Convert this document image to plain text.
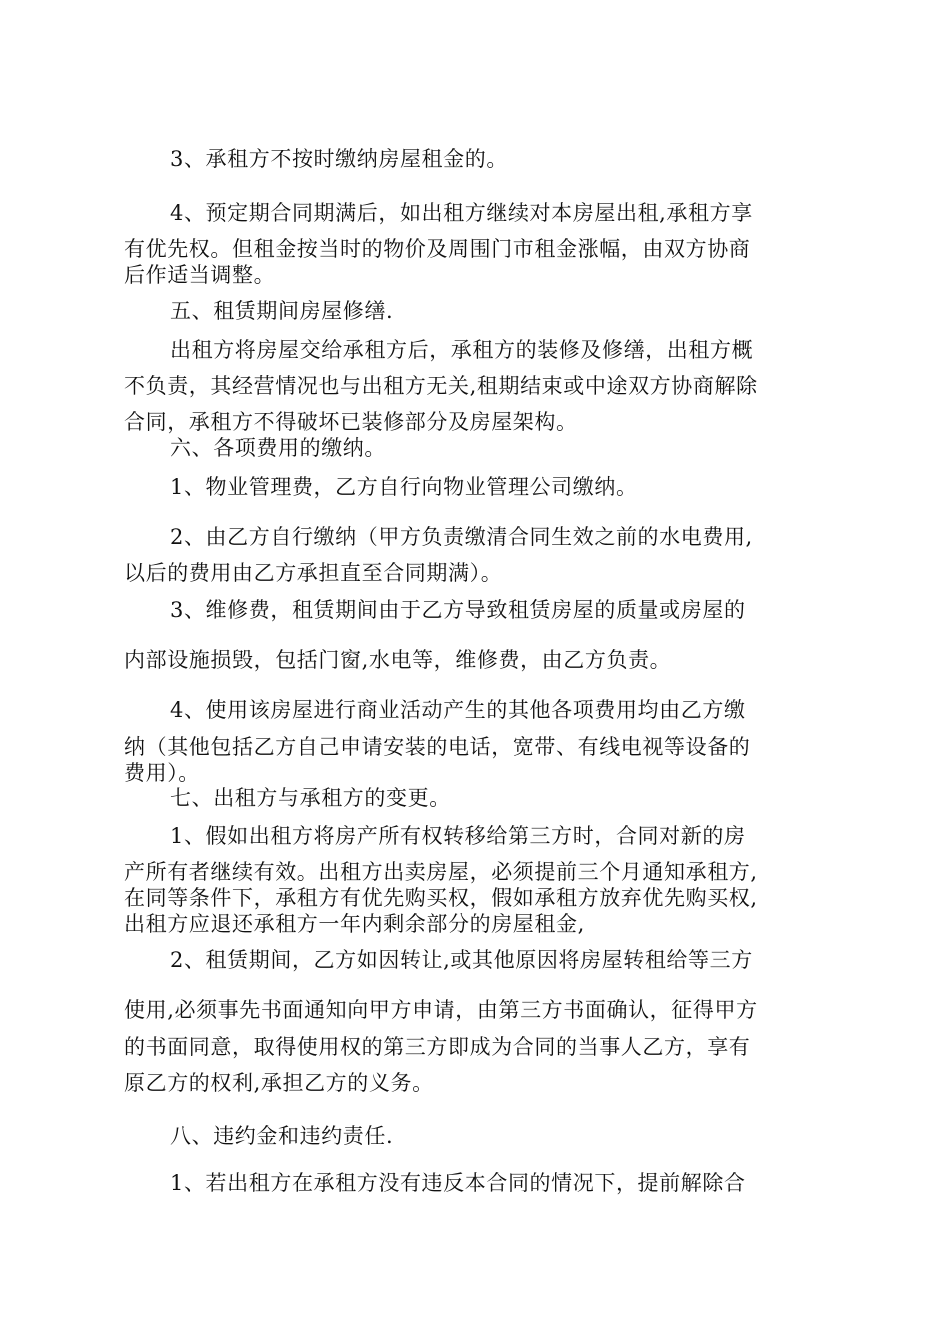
3、承租方不按时缴纳房屋租金的。
4、预定期合同期满后，如出租方继续对本房屋出租,承租方享
有优先权。但租金按当时的物价及周围门市租金涨幅，由双方协商
后作适当调整。
五、租赁期间房屋修缮.
出租方将房屋交给承租方后，承租方的装修及修缮，出租方概
不负责，其经营情况也与出租方无关,租期结束或中途双方协商解除
合同，承租方不得破坏已装修部分及房屋架构。
六、各项费用的缴纳。
1、物业管理费，乙方自行向物业管理公司缴纳。
2、由乙方自行缴纳（甲方负责缴清合同生效之前的水电费用,
以后的费用由乙方承担直至合同期满）。
3、维修费，租赁期间由于乙方导致租赁房屋的质量或房屋的
内部设施损毁，包括门窗,水电等，维修费，由乙方负责。
4、使用该房屋进行商业活动产生的其他各项费用均由乙方缴
纳（其他包括乙方自己申请安装的电话，宽带、有线电视等设备的
费用）。
七、出租方与承租方的变更。
1、假如出租方将房产所有权转移给第三方时，合同对新的房
产所有者继续有效。出租方出卖房屋，必须提前三个月通知承租方,
在同等条件下，承租方有优先购买权，假如承租方放弃优先购买权,
出租方应退还承租方一年内剩余部分的房屋租金,
2、租赁期间，乙方如因转让,或其他原因将房屋转租给等三方
使用,必须事先书面通知向甲方申请，由第三方书面确认，征得甲方
的书面同意，取得使用权的第三方即成为合同的当事人乙方，享有
原乙方的权利,承担乙方的义务。
八、违约金和违约责任.
1、若出租方在承租方没有违反本合同的情况下，提前解除合
